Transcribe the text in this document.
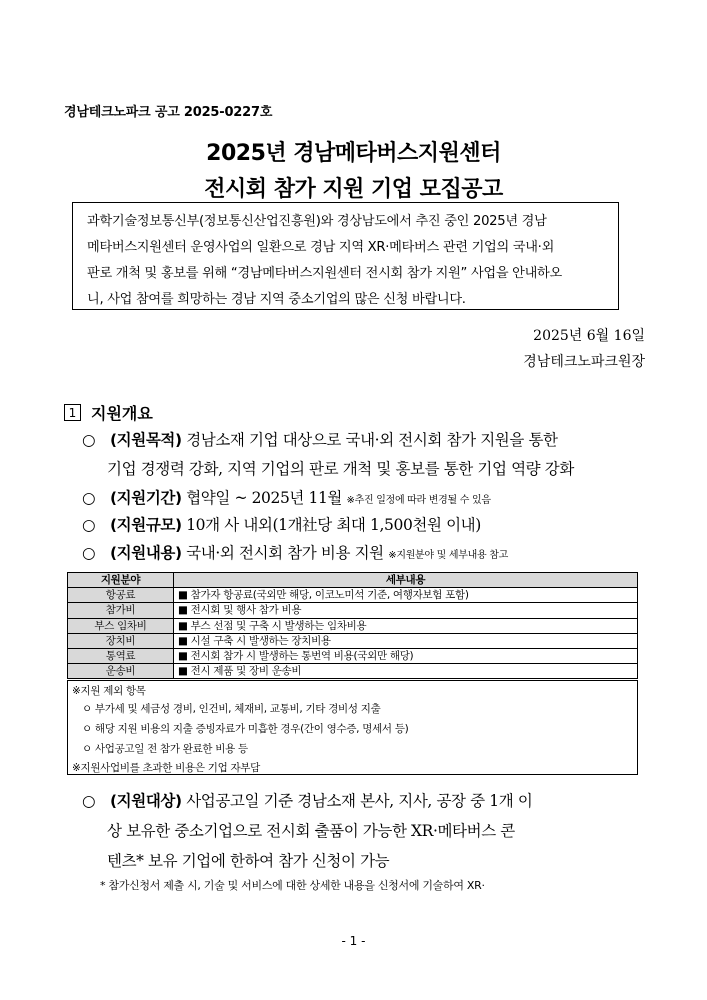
경남테크노파크 공고 2025-0227호
2025년 경남메타버스지원센터
전시회 참가 지원 기업 모집공고
과학기술정보통신부(정보통신산업진흥원)와 경상남도에서 추진 중인 2025년 경남
메타버스지원센터 운영사업의 일환으로 경남 지역 XR·메타버스 관련 기업의 국내·외
판로 개척 및 홍보를 위해 “경남메타버스지원센터 전시회 참가 지원” 사업을 안내하오
니, 사업 참여를 희망하는 경남 지역 중소기업의 많은 신청 바랍니다.
2025년 6월 16일
경남테크노파크원장
1 지원개요
○ (지원목적) 경남소재 기업 대상으로 국내·외 전시회 참가 지원을 통한
기업 경쟁력 강화, 지역 기업의 판로 개척 및 홍보를 통한 기업 역량 강화
○ (지원기간) 협약일 ~ 2025년 11월 ※추진 일정에 따라 변경될 수 있음
○ (지원규모) 10개 사 내외(1개社당 최대 1,500천원 이내)
○ (지원내용) 국내·외 전시회 참가 비용 지원 ※지원분야 및 세부내용 참고
지원분야	세부내용
항공료	■ 참가자 항공료(국외만 해당, 이코노미석 기준, 여행자보험 포함)
참가비	■ 전시회 및 행사 참가 비용
부스 임차비	■ 부스 선점 및 구축 시 발생하는 임차비용
장치비	■ 시설 구축 시 발생하는 장치비용
통역료	■ 전시회 참가 시 발생하는 통번역 비용(국외만 해당)
운송비	■ 전시 제품 및 장비 운송비
※지원 제외 항목
ㅇ 부가세 및 세금성 경비, 인건비, 체재비, 교통비, 기타 경비성 지출
ㅇ 해당 지원 비용의 지출 증빙자료가 미흡한 경우(간이 영수증, 명세서 등)
ㅇ 사업공고일 전 참가 완료한 비용 등
※지원사업비를 초과한 비용은 기업 자부담
○ (지원대상) 사업공고일 기준 경남소재 본사, 지사, 공장 중 1개 이
상 보유한 중소기업으로 전시회 출품이 가능한 XR·메타버스 콘
텐츠* 보유 기업에 한하여 참가 신청이 가능
* 참가신청서 제출 시, 기술 및 서비스에 대한 상세한 내용을 신청서에 기술하여 XR·
- 1 -
